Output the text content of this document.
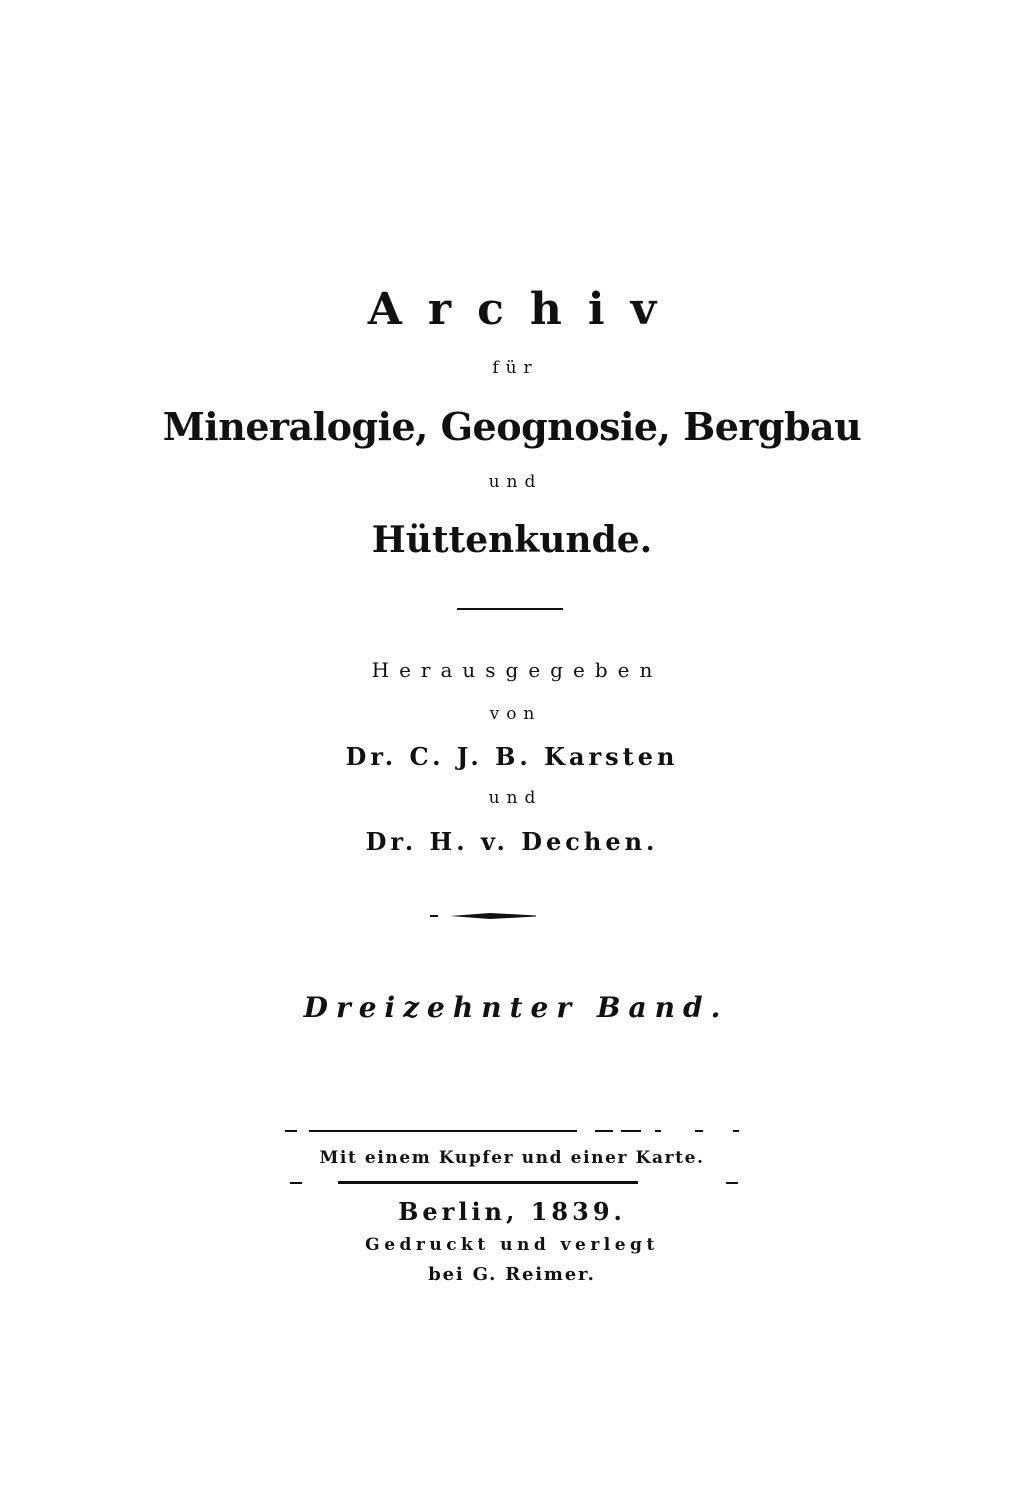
Archiv
für
Mineralogie, Geognosie, Bergbau
und
Hüttenkunde.
Herausgegeben
von
Dr. C. J. B. Karsten
und
Dr. H. v. Dechen.
Dreizehnter Band.
Mit einem Kupfer und einer Karte.
Berlin, 1839.
Gedruckt und verlegt
bei G. Reimer.
